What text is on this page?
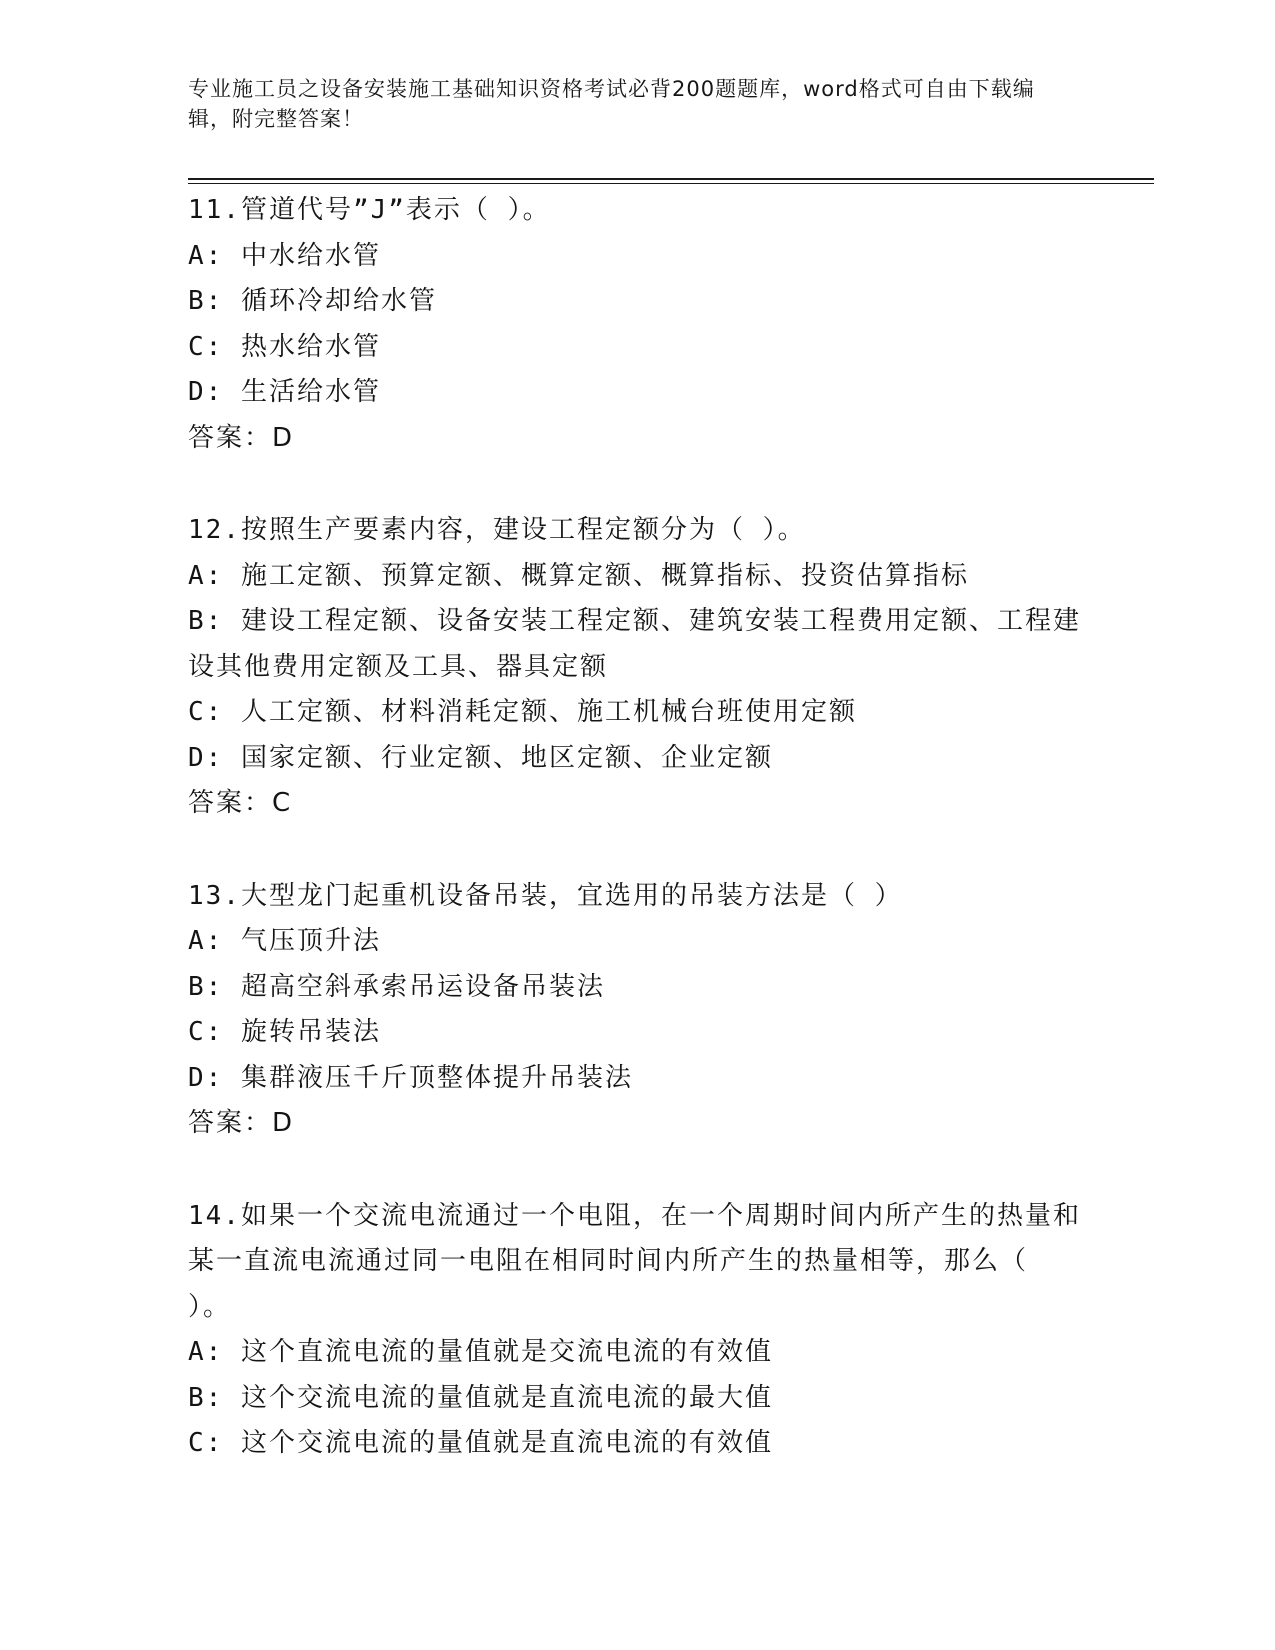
专业施工员之设备安装施工基础知识资格考试必背200题题库，word格式可自由下载编辑，附完整答案！
11.管道代号”J”表示（ ）。
A: 中水给水管
B: 循环冷却给水管
C: 热水给水管
D: 生活给水管
答案：D
12.按照生产要素内容，建设工程定额分为（ ）。
A: 施工定额、预算定额、概算定额、概算指标、投资估算指标
B: 建设工程定额、设备安装工程定额、建筑安装工程费用定额、工程建设其他费用定额及工具、器具定额
C: 人工定额、材料消耗定额、施工机械台班使用定额
D: 国家定额、行业定额、地区定额、企业定额
答案：C
13.大型龙门起重机设备吊装，宜选用的吊装方法是（ ）
A: 气压顶升法
B: 超高空斜承索吊运设备吊装法
C: 旋转吊装法
D: 集群液压千斤顶整体提升吊装法
答案：D
14.如果一个交流电流通过一个电阻，在一个周期时间内所产生的热量和某一直流电流通过同一电阻在相同时间内所产生的热量相等，那么（ ）。
A: 这个直流电流的量值就是交流电流的有效值
B: 这个交流电流的量值就是直流电流的最大值
C: 这个交流电流的量值就是直流电流的有效值
